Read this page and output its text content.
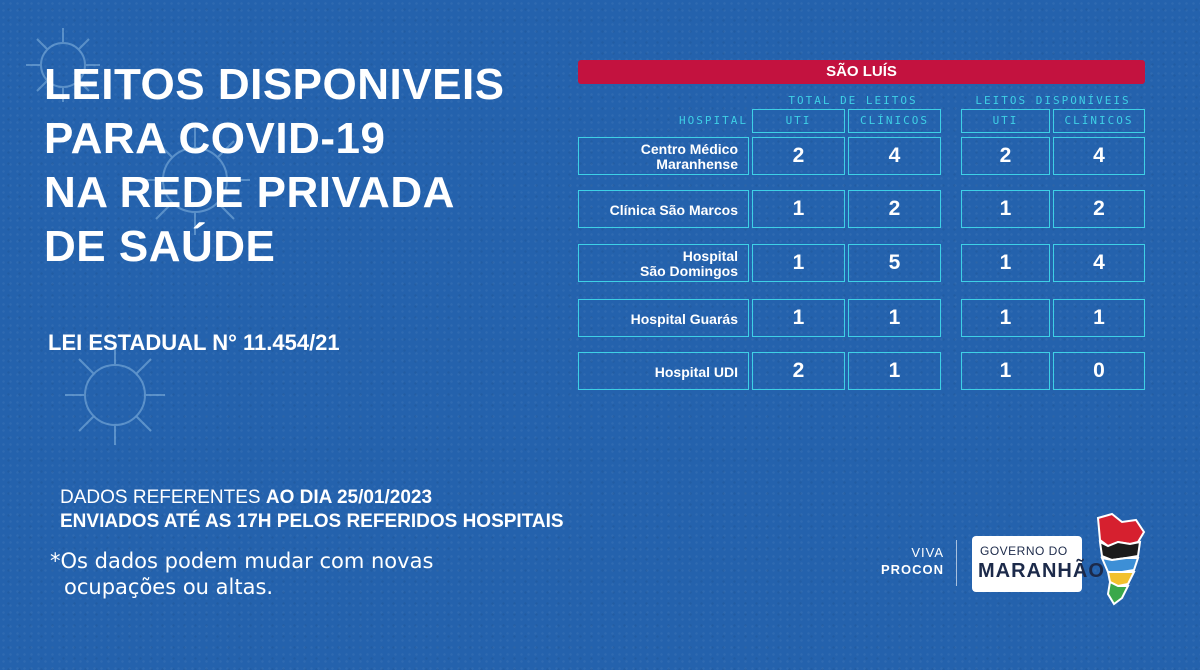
LEITOS DISPONIVEIS
PARA COVID-19
NA REDE PRIVADA
DE SAÚDE
LEI ESTADUAL N° 11.454/21
DADOS REFERENTES AO DIA 25/01/2023
ENVIADOS ATÉ AS 17H PELOS REFERIDOS HOSPITAIS
*Os dados podem mudar com novas
ocupações ou altas.
SÃO LUÍS
TOTAL DE LEITOS	LEITOS DISPONÍVEIS
HOSPITAL	UTI	CLÍNICOS	UTI	CLÍNICOS
Centro Médico
Maranhense	2	4	2	4
Clínica São Marcos	1	2	1	2
Hospital
São Domingos	1	5	1	4
Hospital Guarás	1	1	1	1
Hospital UDI	2	1	1	0
VIVA
PROCON
GOVERNO DO
MARANHÃO
